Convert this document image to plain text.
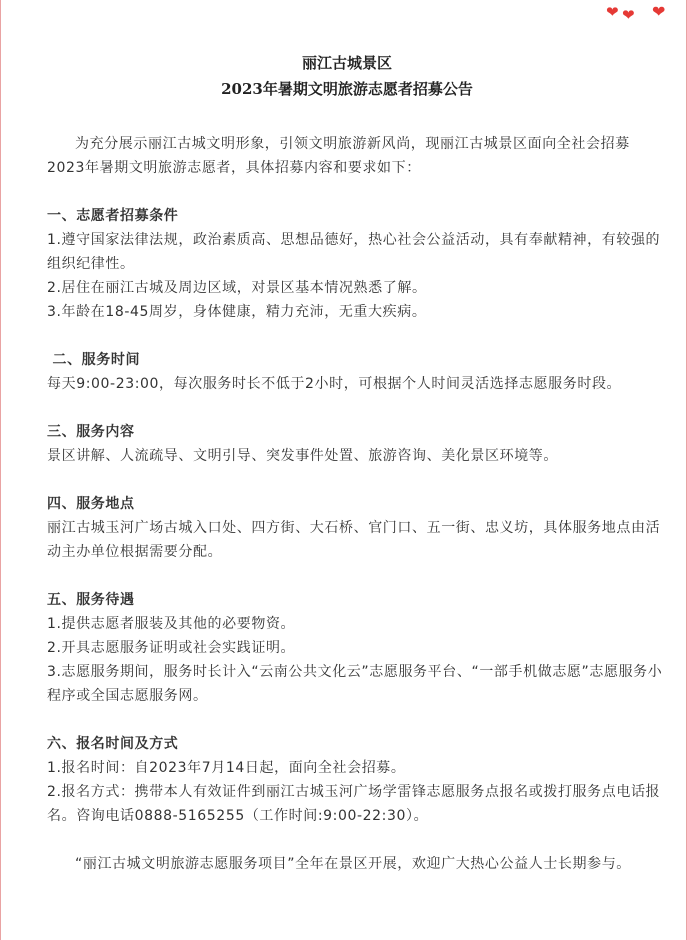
❤ ❤ ❤
丽江古城景区
2023年暑期文明旅游志愿者招募公告

为充分展示丽江古城文明形象，引领文明旅游新风尚，现丽江古城景区面向全社会招募2023年暑期文明旅游志愿者，具体招募内容和要求如下：

一、志愿者招募条件

1.遵守国家法律法规，政治素质高、思想品德好，热心社会公益活动，具有奉献精神，有较强的组织纪律性。

2.居住在丽江古城及周边区域，对景区基本情况熟悉了解。

3.年龄在18-45周岁，身体健康，精力充沛，无重大疾病。

二、服务时间

每天9:00-23:00，每次服务时长不低于2小时，可根据个人时间灵活选择志愿服务时段。

三、服务内容

景区讲解、人流疏导、文明引导、突发事件处置、旅游咨询、美化景区环境等。

四、服务地点

丽江古城玉河广场古城入口处、四方街、大石桥、官门口、五一街、忠义坊，具体服务地点由活动主办单位根据需要分配。

五、服务待遇

1.提供志愿者服装及其他的必要物资。

2.开具志愿服务证明或社会实践证明。

3.志愿服务期间，服务时长计入“云南公共文化云”志愿服务平台、“一部手机做志愿”志愿服务小程序或全国志愿服务网。

六、报名时间及方式

1.报名时间：自2023年7月14日起，面向全社会招募。

2.报名方式：携带本人有效证件到丽江古城玉河广场学雷锋志愿服务点报名或拨打服务点电话报名。咨询电话0888-5165255（工作时间:9:00-22:30）。

“丽江古城文明旅游志愿服务项目”全年在景区开展，欢迎广大热心公益人士长期参与。
